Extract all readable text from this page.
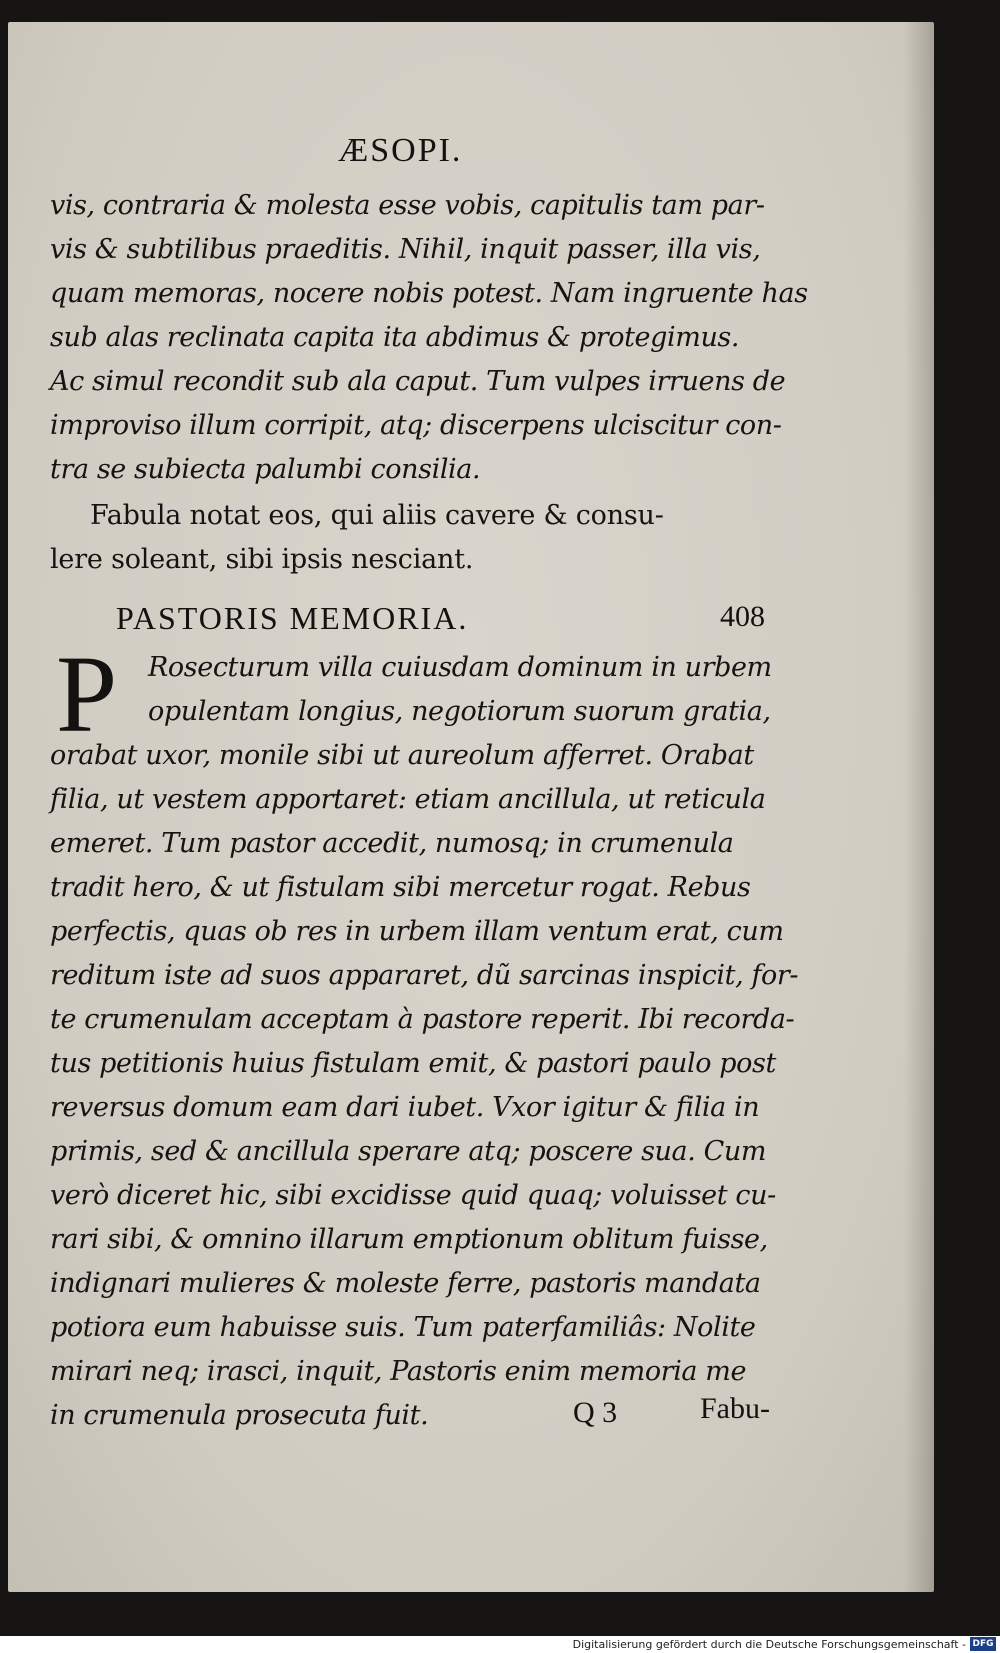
ÆSOPI.
vis, contraria & molesta esse vobis, capitulis tam par-
vis & subtilibus praeditis. Nihil, inquit passer, illa vis,
quam memoras, nocere nobis potest. Nam ingruente has
sub alas reclinata capita ita abdimus & protegimus.
Ac simul recondit sub ala caput. Tum vulpes irruens de
improviso illum corripit, atq; discerpens ulciscitur con-
tra se subiecta palumbi consilia.
Fabula notat eos, qui aliis cavere & consu-
lere soleant, sibi ipsis nesciant.
PASTORIS MEMORIA.	408
P Rosecturum villa cuiusdam dominum in urbem
opulentam longius, negotiorum suorum gratia,
orabat uxor, monile sibi ut aureolum afferret. Orabat
filia, ut vestem apportaret: etiam ancillula, ut reticula
emeret. Tum pastor accedit, numosq; in crumenula
tradit hero, & ut fistulam sibi mercetur rogat. Rebus
perfectis, quas ob res in urbem illam ventum erat, cum
reditum iste ad suos appararet, dũ sarcinas inspicit, for-
te crumenulam acceptam à pastore reperit. Ibi recorda-
tus petitionis huius fistulam emit, & pastori paulo post
reversus domum eam dari iubet. Vxor igitur & filia in
primis, sed & ancillula sperare atq; poscere sua. Cum
verò diceret hic, sibi excidisse quid quaq; voluisset cu-
rari sibi, & omnino illarum emptionum oblitum fuisse,
indignari mulieres & moleste ferre, pastoris mandata
potiora eum habuisse suis. Tum paterfamiliâs: Nolite
mirari neq; irasci, inquit, Pastoris enim memoria me
in crumenula prosecuta fuit.	Q 3	Fabu-
Digitalisierung gefördert durch die Deutsche Forschungsgemeinschaft - DFG
